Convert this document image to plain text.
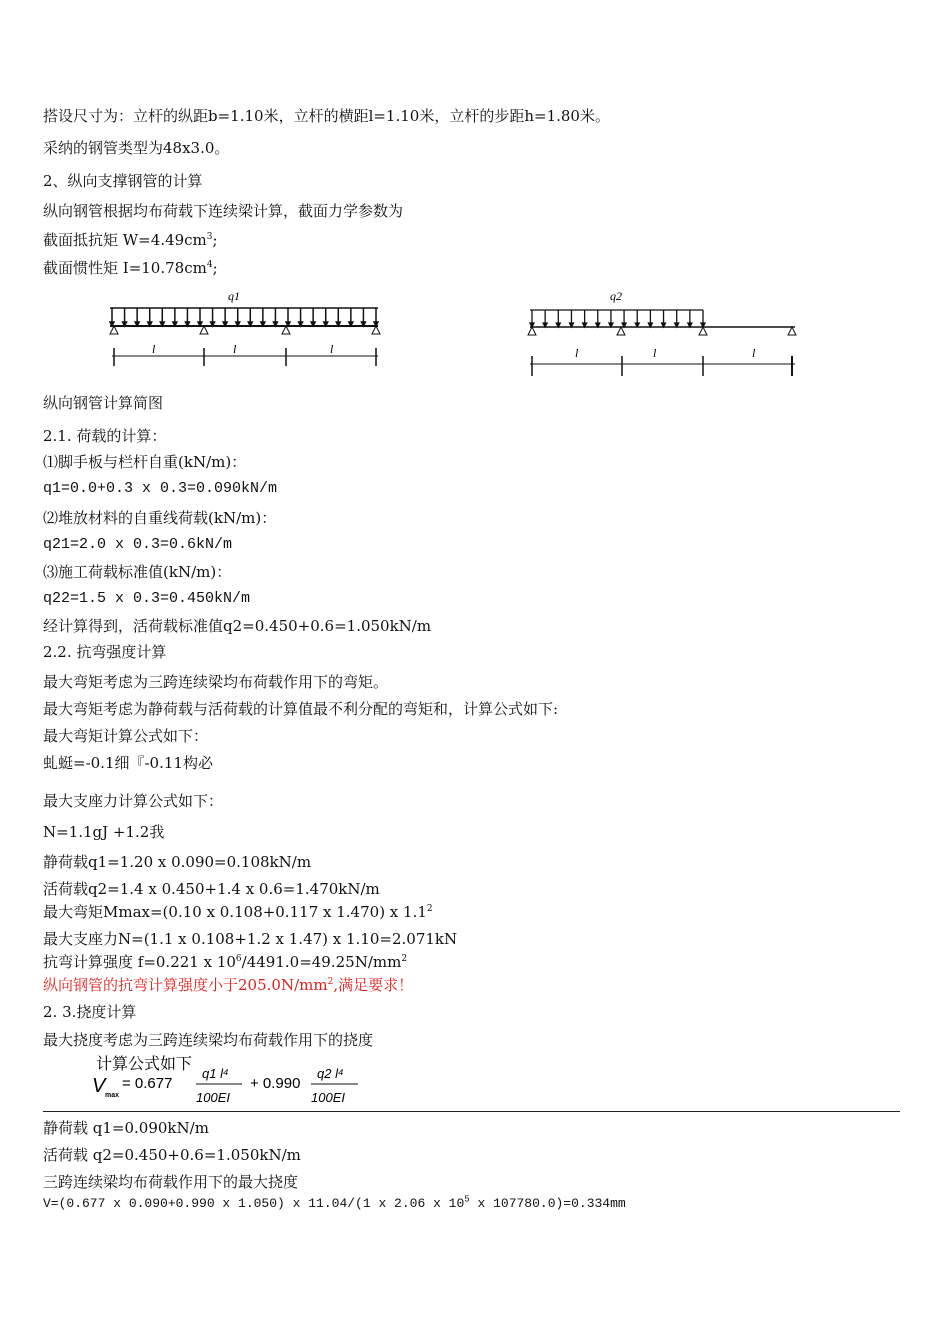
搭设尺寸为：立杆的纵距b=1.10米，立杆的横距l=1.10米，立杆的步距h=1.80米。
采纳的钢管类型为48x3.0。
2、纵向支撑钢管的计算
纵向钢管根据均布荷载下连续梁计算，截面力学参数为
截面抵抗矩 $W=4.49cm^3$;
截面惯性矩 $I=10.78cm^4$;
q1
l	l	l
q2
l	l	l
纵向钢管计算简图
2.1. 荷载的计算：
⑴脚手板与栏杆自重(kN/m)：
q1=0.0+0.3 x 0.3=0.090kN/m
⑵堆放材料的自重线荷载(kN/m)：
q21=2.0 x 0.3=0.6kN/m
⑶施工荷载标准值(kN/m)：
q22=1.5 x 0.3=0.450kN/m
经计算得到，活荷载标准值q2=0.450+0.6=1.050kN/m
2.2. 抗弯强度计算
最大弯矩考虑为三跨连续梁均布荷载作用下的弯矩。
最大弯矩考虑为静荷载与活荷载的计算值最不利分配的弯矩和，计算公式如下:
最大弯矩计算公式如下：
虬蜓=-0.1细『-0.11构必
最大支座力计算公式如下：
N=1.1gJ +1.2我
静荷载q1=1.20 x 0.090=0.108kN/m
活荷载q2=1.4 x 0.450+1.4 x 0.6=1.470kN/m
最大弯矩Mmax=(0.10 x 0.108+0.117 x 1.470) x $1.1^2$
最大支座力N=(1.1 x 0.108+1.2 x 1.47) x 1.10=2.071kN
抗弯计算强度 f=0.221 x $10^6/4491.0=49.25N/mm^2$
纵向钢管的抗弯计算强度小于$205.0N/mm^2$,满足要求！
2. 3.挠度计算
最大挠度考虑为三跨连续梁均布荷载作用下的挠度
计算公式如下
V max
= 0.677
q1 l⁴
100EI
+ 0.990
q2 l⁴
100EI
静荷载 q1=0.090kN/m
活荷载 q2=0.450+0.6=1.050kN/m
三跨连续梁均布荷载作用下的最大挠度
V=(0.677 x 0.090+0.990 x 1.050) x 11.04/(1 x 2.06 x $10^5$ x 107780.0)=0.334mm
